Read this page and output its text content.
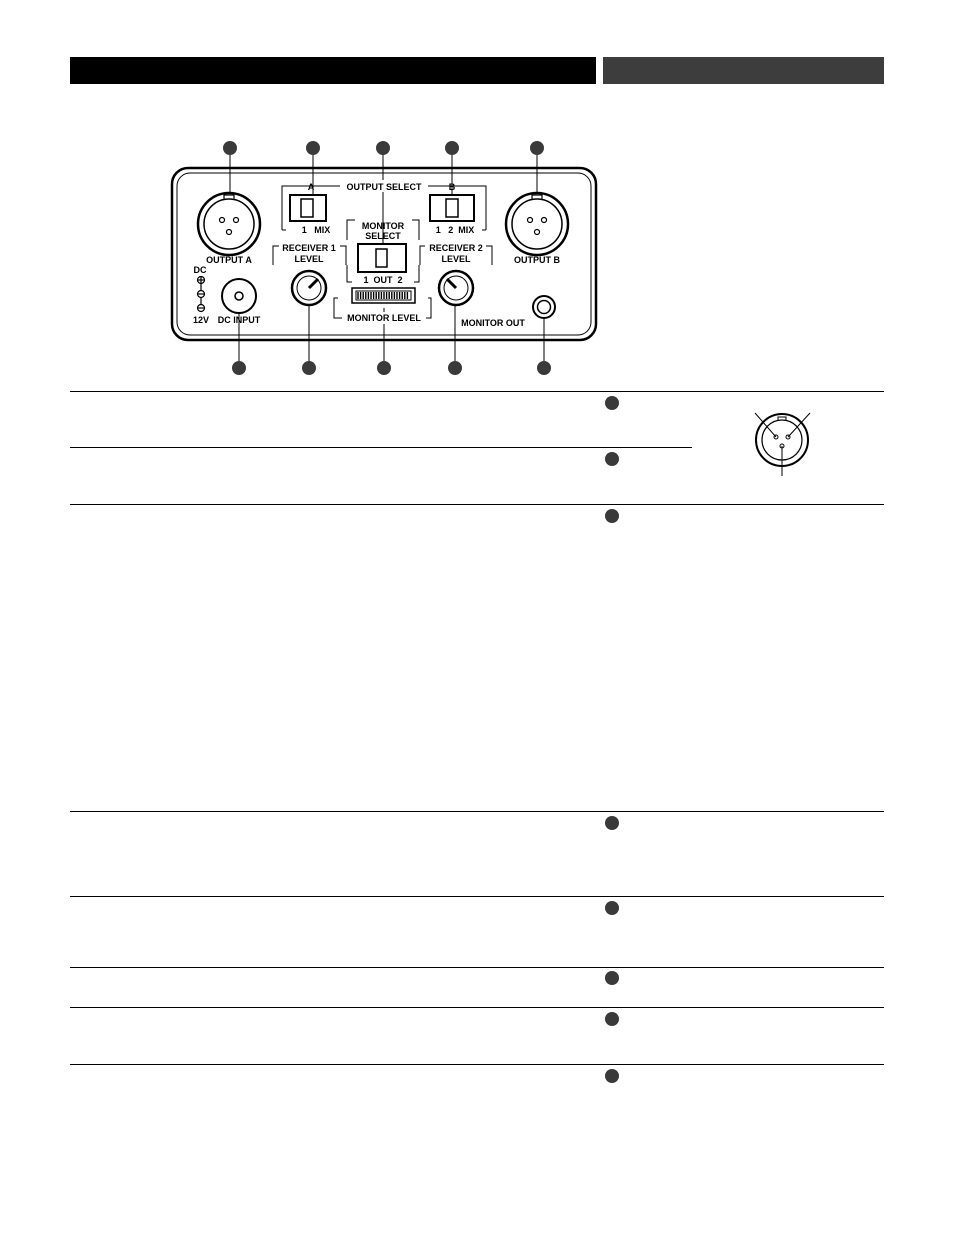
OUTPUT SELECT
A	B
1   MIX	1   2  MIX
MONITOR
SELECT
1  OUT  2
RECEIVER 1
LEVEL
RECEIVER 2
LEVEL
OUTPUT A	OUTPUT B
DC
12V DC INPUT	MONITOR LEVEL	MONITOR OUT
